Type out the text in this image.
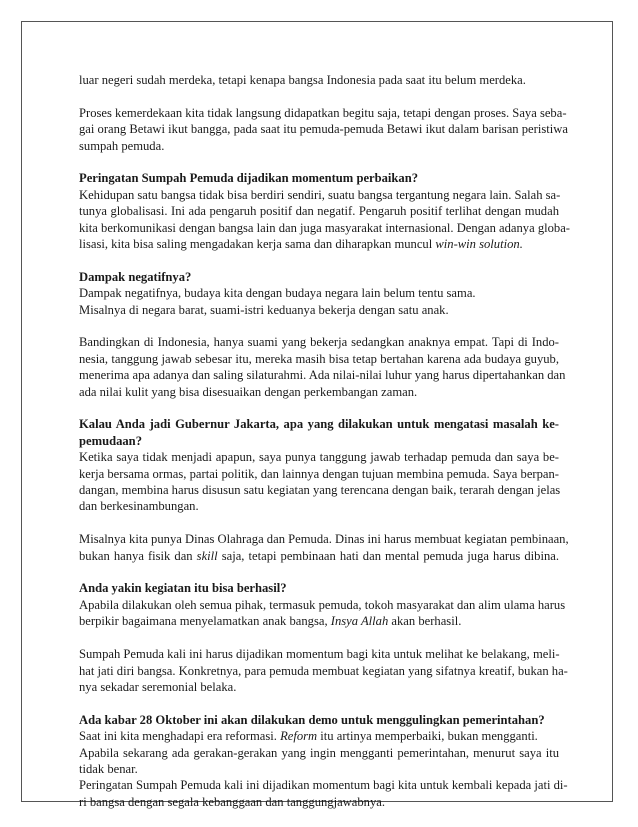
luar negeri sudah merdeka, tetapi kenapa bangsa Indonesia pada saat itu belum merdeka.
Proses kemerdekaan kita tidak langsung didapatkan begitu saja, tetapi dengan proses. Saya seba-
gai orang Betawi ikut bangga, pada saat itu pemuda-pemuda Betawi ikut dalam barisan peristiwa
sumpah pemuda.
Peringatan Sumpah Pemuda dijadikan momentum perbaikan?
Kehidupan satu bangsa tidak bisa berdiri sendiri, suatu bangsa tergantung negara lain. Salah sa-
tunya globalisasi. Ini ada pengaruh positif dan negatif. Pengaruh positif terlihat dengan mudah
kita berkomunikasi dengan bangsa lain dan juga masyarakat internasional. Dengan adanya globa-
lisasi, kita bisa saling mengadakan kerja sama dan diharapkan muncul win-win solution.
Dampak negatifnya?
Dampak negatifnya, budaya kita dengan budaya negara lain belum tentu sama.
Misalnya di negara barat, suami-istri keduanya bekerja dengan satu anak.
Bandingkan di Indonesia, hanya suami yang bekerja sedangkan anaknya empat. Tapi di Indo-
nesia, tanggung jawab sebesar itu, mereka masih bisa tetap bertahan karena ada budaya guyub,
menerima apa adanya dan saling silaturahmi. Ada nilai-nilai luhur yang harus dipertahankan dan
ada nilai kulit yang bisa disesuaikan dengan perkembangan zaman.
Kalau Anda jadi Gubernur Jakarta, apa yang dilakukan untuk mengatasi masalah ke-
pemudaan?
Ketika saya tidak menjadi apapun, saya punya tanggung jawab terhadap pemuda dan saya be-
kerja bersama ormas, partai politik, dan lainnya dengan tujuan membina pemuda. Saya berpan-
dangan, membina harus disusun satu kegiatan yang terencana dengan baik, terarah dengan jelas
dan berkesinambungan.
Misalnya kita punya Dinas Olahraga dan Pemuda. Dinas ini harus membuat kegiatan pembinaan,
bukan hanya fisik dan skill saja, tetapi pembinaan hati dan mental pemuda juga harus dibina.
Anda yakin kegiatan itu bisa berhasil?
Apabila dilakukan oleh semua pihak, termasuk pemuda, tokoh masyarakat dan alim ulama harus
berpikir bagaimana menyelamatkan anak bangsa, Insya Allah akan berhasil.
Sumpah Pemuda kali ini harus dijadikan momentum bagi kita untuk melihat ke belakang, meli-
hat jati diri bangsa. Konkretnya, para pemuda membuat kegiatan yang sifatnya kreatif, bukan ha-
nya sekadar seremonial belaka.
Ada kabar 28 Oktober ini akan dilakukan demo untuk menggulingkan pemerintahan?
Saat ini kita menghadapi era reformasi. Reform itu artinya memperbaiki, bukan mengganti.
Apabila sekarang ada gerakan-gerakan yang ingin mengganti pemerintahan, menurut saya itu
tidak benar.
Peringatan Sumpah Pemuda kali ini dijadikan momentum bagi kita untuk kembali kepada jati di-
ri bangsa dengan segala kebanggaan dan tanggungjawabnya.
